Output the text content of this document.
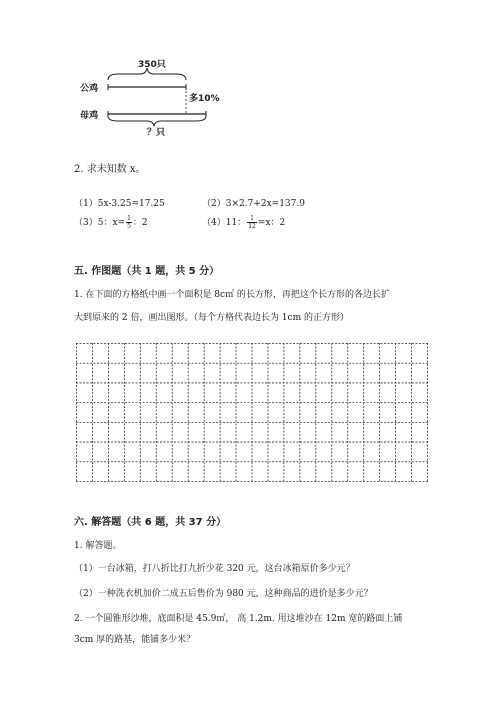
350只
公鸡
母鸡
多10%
？只
2. 求未知数 x。
（1）5x-3.25=17.25	（2）3×2.7+2x=137.9
（3）5：$x= \frac{1}{5}$ ：2	（4）11： $\frac{1}{12} =x$：2
五. 作图题（共 1 题，共 5 分）
1. 在下面的方格纸中画一个面积是 8c㎡ 的长方形，再把这个长方形的各边长扩
大到原来的 2 倍，画出图形。（每个方格代表边长为 1cm 的正方形）
六. 解答题（共 6 题，共 37 分）
1. 解答题。
（1）一台冰箱，打八折比打九折少花 320 元，这台冰箱原价多少元？
（2）一种洗衣机加价二成五后售价为 980 元，这种商品的进价是多少元？
2. 一个圆锥形沙堆，底面积是 45.9㎡， 高 1.2m. 用这堆沙在 12m 宽的路面上铺
3cm 厚的路基，能铺多少米？
